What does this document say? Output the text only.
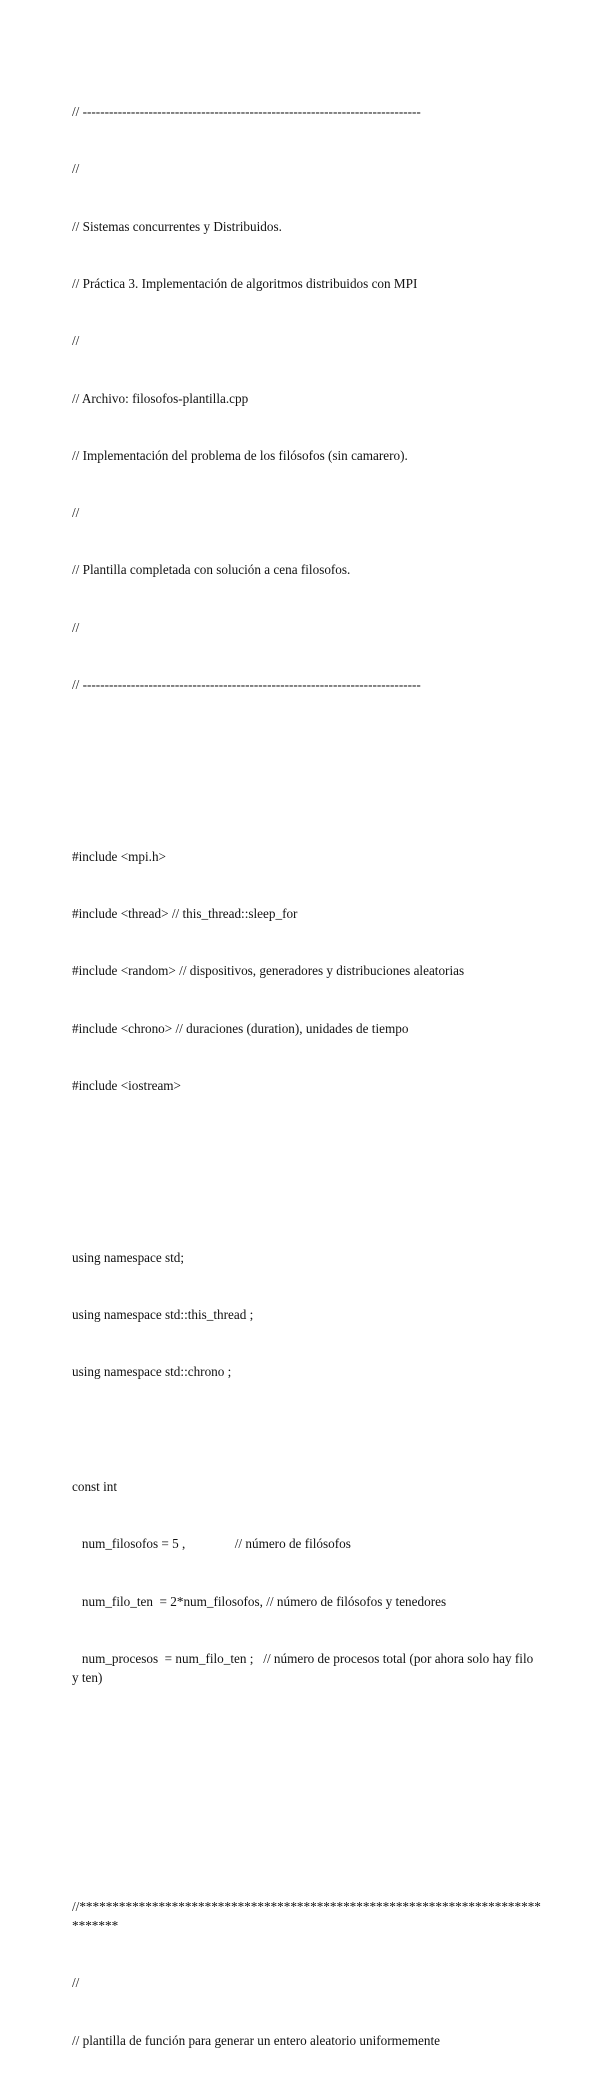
// -----------------------------------------------------------------------------

//

// Sistemas concurrentes y Distribuidos.

// Práctica 3. Implementación de algoritmos distribuidos con MPI

//

// Archivo: filosofos-plantilla.cpp

// Implementación del problema de los filósofos (sin camarero).

//

// Plantilla completada con solución a cena filosofos.

//

// -----------------------------------------------------------------------------

#include <mpi.h>

#include <thread> // this_thread::sleep_for

#include <random> // dispositivos, generadores y distribuciones aleatorias

#include <chrono> // duraciones (duration), unidades de tiempo

#include <iostream>

using namespace std;

using namespace std::this_thread ;

using namespace std::chrono ;

const int

num_filosofos = 5 ,               // número de filósofos

num_filo_ten  = 2*num_filosofos, // número de filósofos y tenedores

num_procesos  = num_filo_ten ;   // número de procesos total (por ahora solo hay filo y ten)

//*****************************************************************************

//

// plantilla de función para generar un entero aleatorio uniformemente
